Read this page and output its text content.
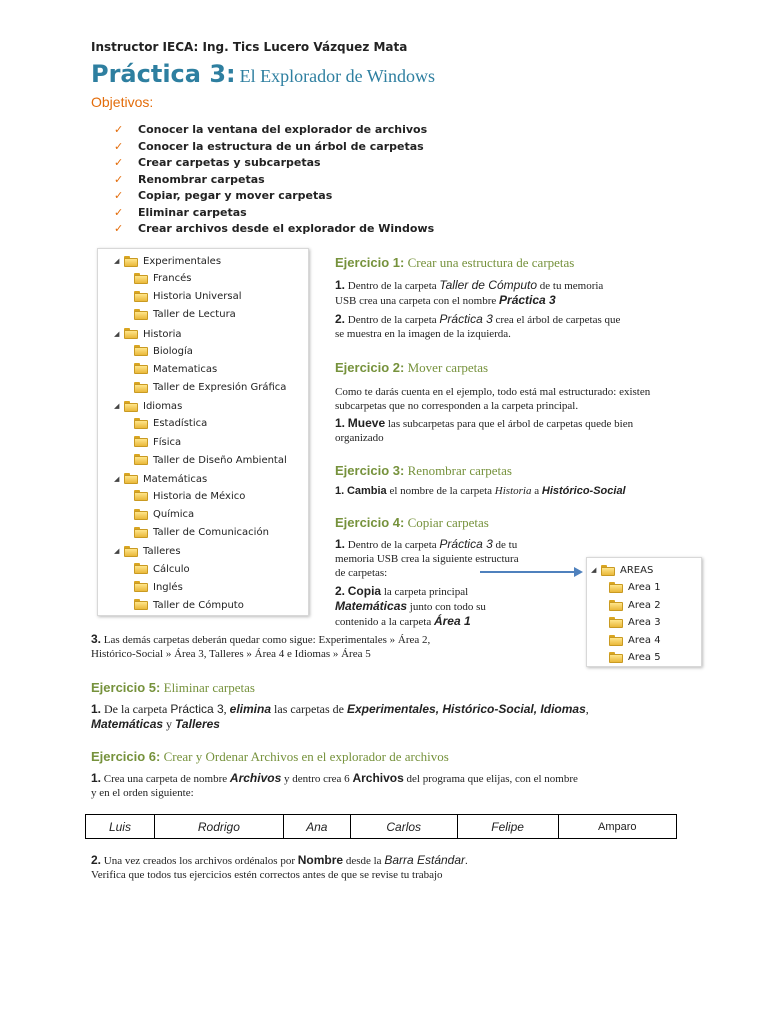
Instructor IECA: Ing. Tics Lucero Vázquez Mata
Práctica 3: El Explorador de Windows
Objetivos:
✓ Conocer la ventana del explorador de archivos
✓ Conocer la estructura de un árbol de carpetas
✓ Crear carpetas y subcarpetas
✓ Renombrar carpetas
✓ Copiar, pegar y mover carpetas
✓ Eliminar carpetas
✓ Crear archivos desde el explorador de Windows
◢ Experimentales
Francés
Historia Universal
Taller de Lectura
◢ Historia
Biología
Matematicas
Taller de Expresión Gráfica
◢ Idiomas
Estadística
Física
Taller de Diseño Ambiental
◢ Matemáticas
Historia de México
Química
Taller de Comunicación
◢ Talleres
Cálculo
Inglés
Taller de Cómputo
Ejercicio 1: Crear una estructura de carpetas
1. Dentro de la carpeta Taller de Cómputo de tu memoria
USB crea una carpeta con el nombre Práctica 3
2. Dentro de la carpeta Práctica 3 crea el árbol de carpetas que
se muestra en la imagen de la izquierda.
Ejercicio 2: Mover carpetas
Como te darás cuenta en el ejemplo, todo está mal estructurado: existen
subcarpetas que no corresponden a la carpeta principal.
1. Mueve las subcarpetas para que el árbol de carpetas quede bien
organizado
Ejercicio 3: Renombrar carpetas
1. Cambia el nombre de la carpeta Historia a Histórico-Social
Ejercicio 4: Copiar carpetas
1. Dentro de la carpeta Práctica 3 de tu
memoria USB crea la siguiente estructura
de carpetas:
2. Copia la carpeta principal
Matemáticas junto con todo su
contenido a la carpeta Área 1
3. Las demás carpetas deberán quedar como sigue: Experimentales » Área 2,
Histórico-Social » Área 3, Talleres » Área 4 e Idiomas » Área 5
◢ AREAS
Area 1
Area 2
Area 3
Area 4
Area 5
Ejercicio 5: Eliminar carpetas
1. De la carpeta Práctica 3, elimina las carpetas de Experimentales, Histórico-Social, Idiomas,
Matemáticas y Talleres
Ejercicio 6: Crear y Ordenar Archivos en el explorador de archivos
1. Crea una carpeta de nombre Archivos y dentro crea 6 Archivos del programa que elijas, con el nombre
y en el orden siguiente:
Luis	Rodrigo	Ana	Carlos	Felipe	Amparo
2. Una vez creados los archivos ordénalos por Nombre desde la Barra Estándar.
Verifica que todos tus ejercicios estén correctos antes de que se revise tu trabajo
